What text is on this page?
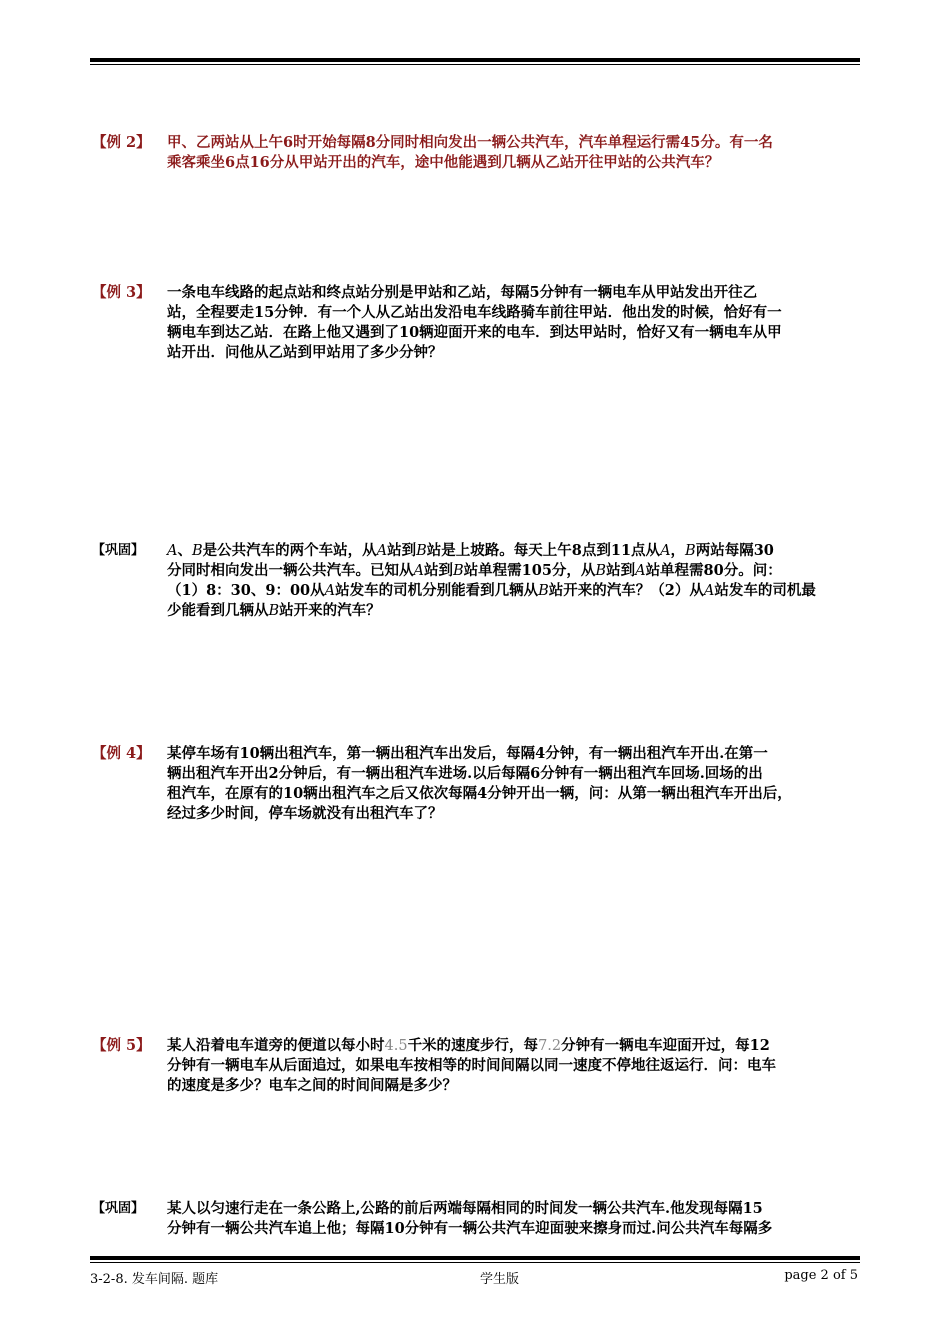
【例 2】 甲、乙两站从上午6时开始每隔8分同时相向发出一辆公共汽车，汽车单程运行需45分。有一名
乘客乘坐6点16分从甲站开出的汽车，途中他能遇到几辆从乙站开往甲站的公共汽车？
【例 3】 一条电车线路的起点站和终点站分别是甲站和乙站，每隔5分钟有一辆电车从甲站发出开往乙
站，全程要走15分钟．有一个人从乙站出发沿电车线路骑车前往甲站．他出发的时候，恰好有一
辆电车到达乙站．在路上他又遇到了10辆迎面开来的电车．到达甲站时，恰好又有一辆电车从甲
站开出．问他从乙站到甲站用了多少分钟？
【巩固】 A、B是公共汽车的两个车站，从A站到B站是上坡路。每天上午8点到11点从A，B两站每隔30
分同时相向发出一辆公共汽车。已知从A站到B站单程需105分，从B站到A站单程需80分。问：
（1）8：30、9：00从A站发车的司机分别能看到几辆从B站开来的汽车？（2）从A站发车的司机最
少能看到几辆从B站开来的汽车？
【例 4】 某停车场有10辆出租汽车，第一辆出租汽车出发后，每隔4分钟，有一辆出租汽车开出.在第一
辆出租汽车开出2分钟后，有一辆出租汽车进场.以后每隔6分钟有一辆出租汽车回场.回场的出
租汽车，在原有的10辆出租汽车之后又依次每隔4分钟开出一辆，问：从第一辆出租汽车开出后，
经过多少时间，停车场就没有出租汽车了？
【例 5】 某人沿着电车道旁的便道以每小时4.5千米的速度步行，每7.2分钟有一辆电车迎面开过，每12
分钟有一辆电车从后面追过，如果电车按相等的时间间隔以同一速度不停地往返运行．问：电车
的速度是多少？电车之间的时间间隔是多少？
【巩固】 某人以匀速行走在一条公路上,公路的前后两端每隔相同的时间发一辆公共汽车.他发现每隔15
分钟有一辆公共汽车追上他；每隔10分钟有一辆公共汽车迎面驶来擦身而过.问公共汽车每隔多
3-2-8. 发车间隔. 题库	学生版	page 2 of 5
